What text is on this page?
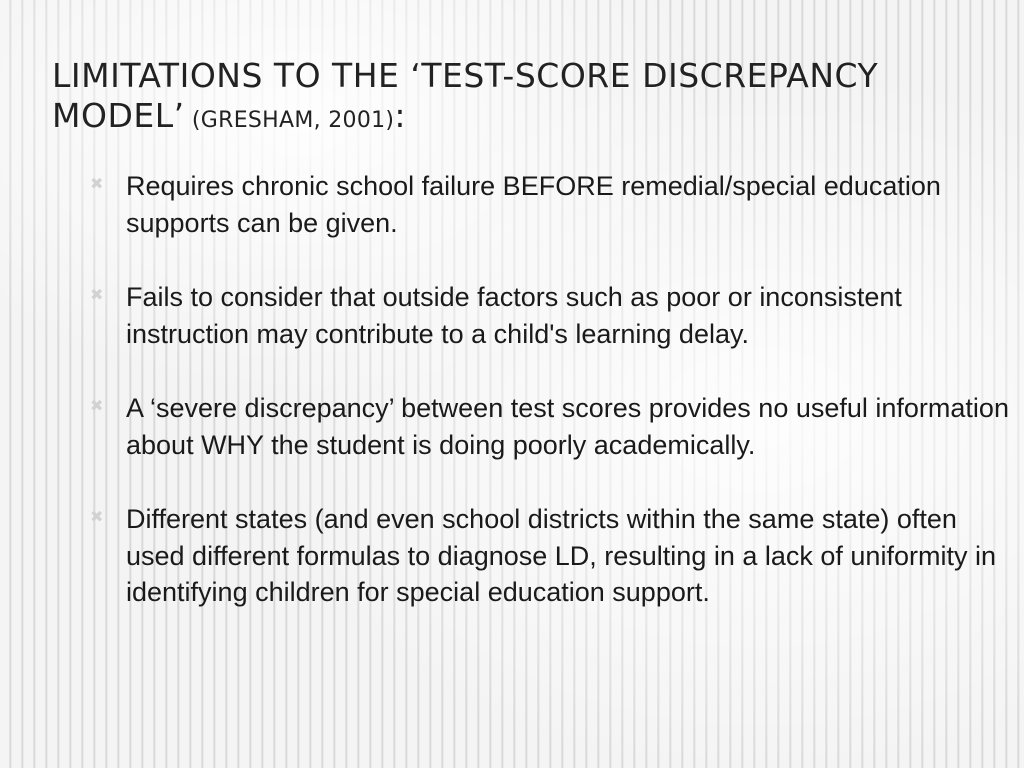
LIMITATIONS TO THE ‘TEST-SCORE DISCREPANCY MODEL’ (GRESHAM, 2001):
✖ Requires chronic school failure BEFORE remedial/special education supports can be given.
✖ Fails to consider that outside factors such as poor or inconsistent instruction may contribute to a child's learning delay.
✖ A ‘severe discrepancy’ between test scores provides no useful information about WHY the student is doing poorly academically.
✖ Different states (and even school districts within the same state) often used different formulas to diagnose LD, resulting in a lack of uniformity in identifying children for special education support.
